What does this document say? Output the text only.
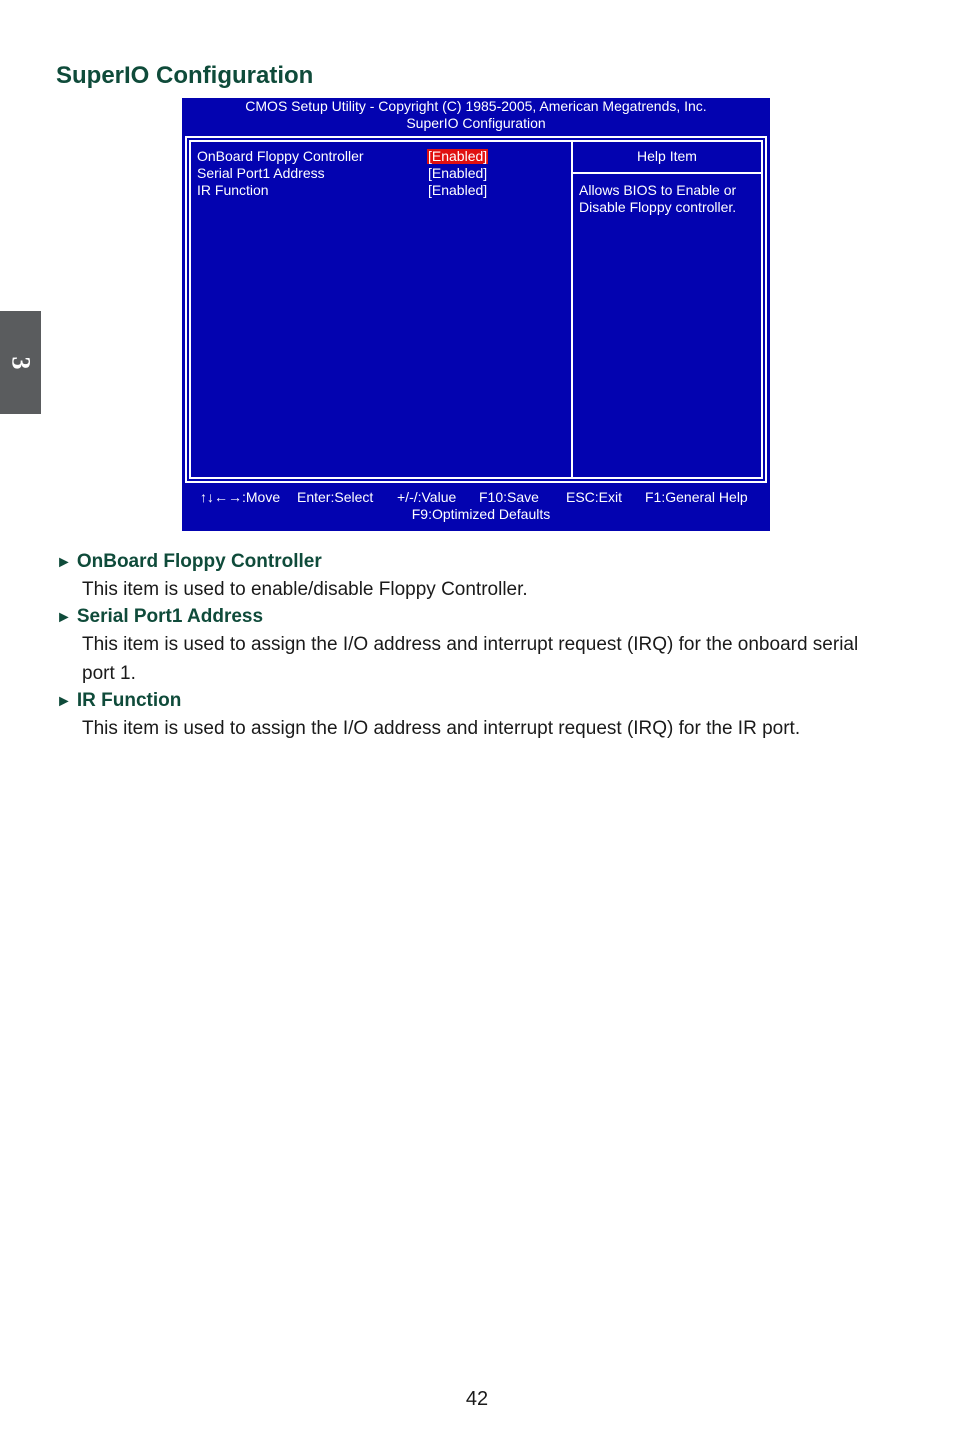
3
SuperIO Configuration
CMOS Setup Utility - Copyright (C) 1985-2005, American Megatrends, Inc.
SuperIO Configuration
OnBoard Floppy Controller	[Enabled]
Serial Port1 Address	[Enabled]
IR Function	[Enabled]
Help Item
Allows BIOS to Enable or Disable Floppy controller.
↑↓←→:Move Enter:Select +/-/:Value F10:Save ESC:Exit F1:General Help
F9:Optimized Defaults
► OnBoard Floppy Controller

This item is used to enable/disable Floppy Controller.

► Serial Port1 Address

This item is used to assign the I/O address and interrupt request (IRQ) for the onboard serial port 1.

► IR Function

This item is used to assign the I/O address and interrupt request (IRQ) for the IR port.

42
